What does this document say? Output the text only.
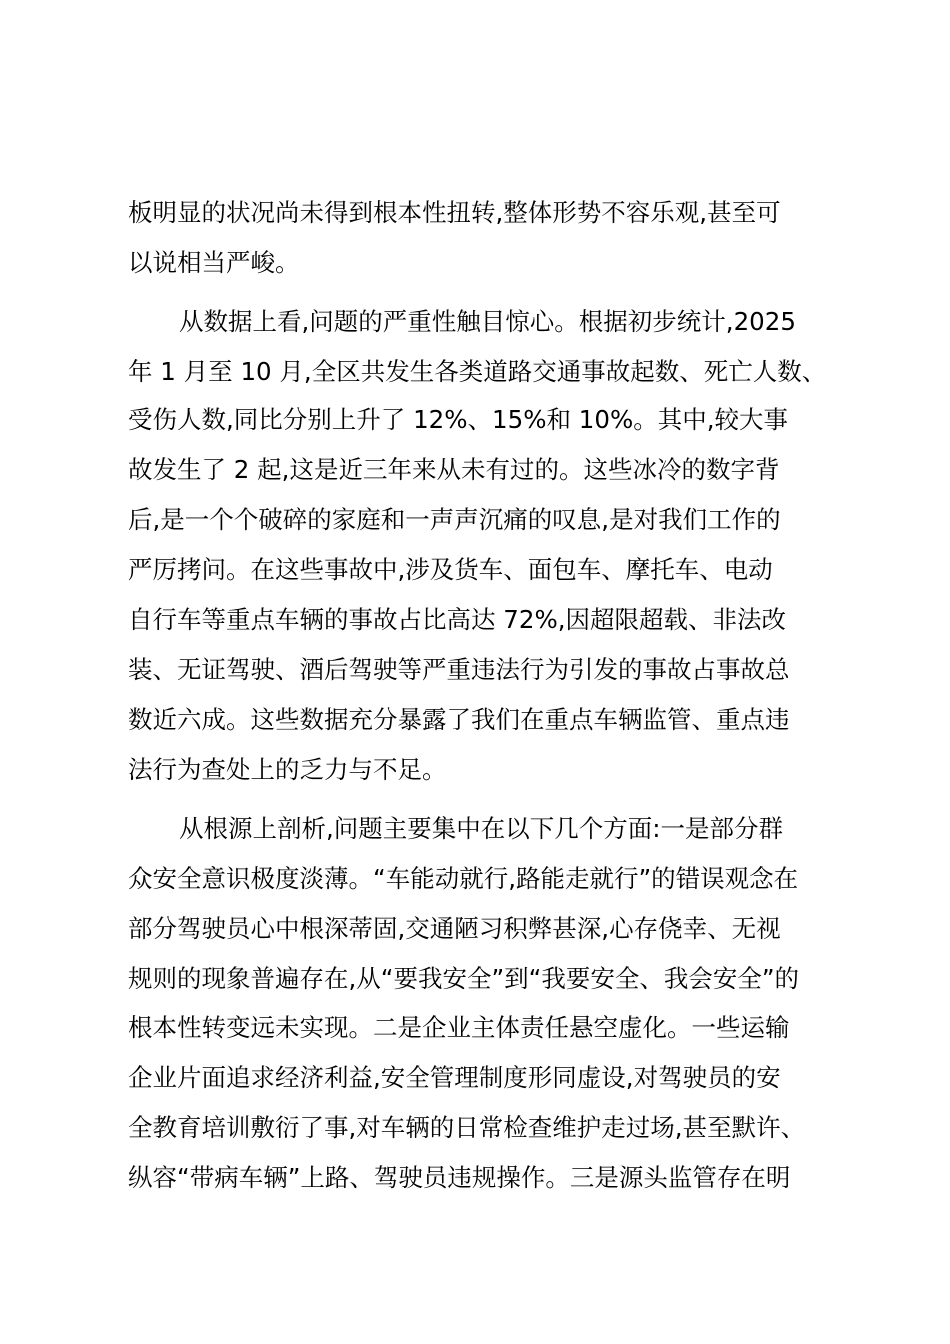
板明显的状况尚未得到根本性扭转,整体形势不容乐观,甚至可
以说相当严峻。
从数据上看,问题的严重性触目惊心。根据初步统计,2025
年 1 月至 10 月,全区共发生各类道路交通事故起数、死亡人数、
受伤人数,同比分别上升了 12%、15%和 10%。其中,较大事
故发生了 2 起,这是近三年来从未有过的。这些冰冷的数字背
后,是一个个破碎的家庭和一声声沉痛的叹息,是对我们工作的
严厉拷问。在这些事故中,涉及货车、面包车、摩托车、电动
自行车等重点车辆的事故占比高达 72%,因超限超载、非法改
装、无证驾驶、酒后驾驶等严重违法行为引发的事故占事故总
数近六成。这些数据充分暴露了我们在重点车辆监管、重点违
法行为查处上的乏力与不足。
从根源上剖析,问题主要集中在以下几个方面:一是部分群
众安全意识极度淡薄。“车能动就行,路能走就行”的错误观念在
部分驾驶员心中根深蒂固,交通陋习积弊甚深,心存侥幸、无视
规则的现象普遍存在,从“要我安全”到“我要安全、我会安全”的
根本性转变远未实现。二是企业主体责任悬空虚化。一些运输
企业片面追求经济利益,安全管理制度形同虚设,对驾驶员的安
全教育培训敷衍了事,对车辆的日常检查维护走过场,甚至默许、
纵容“带病车辆”上路、驾驶员违规操作。三是源头监管存在明
